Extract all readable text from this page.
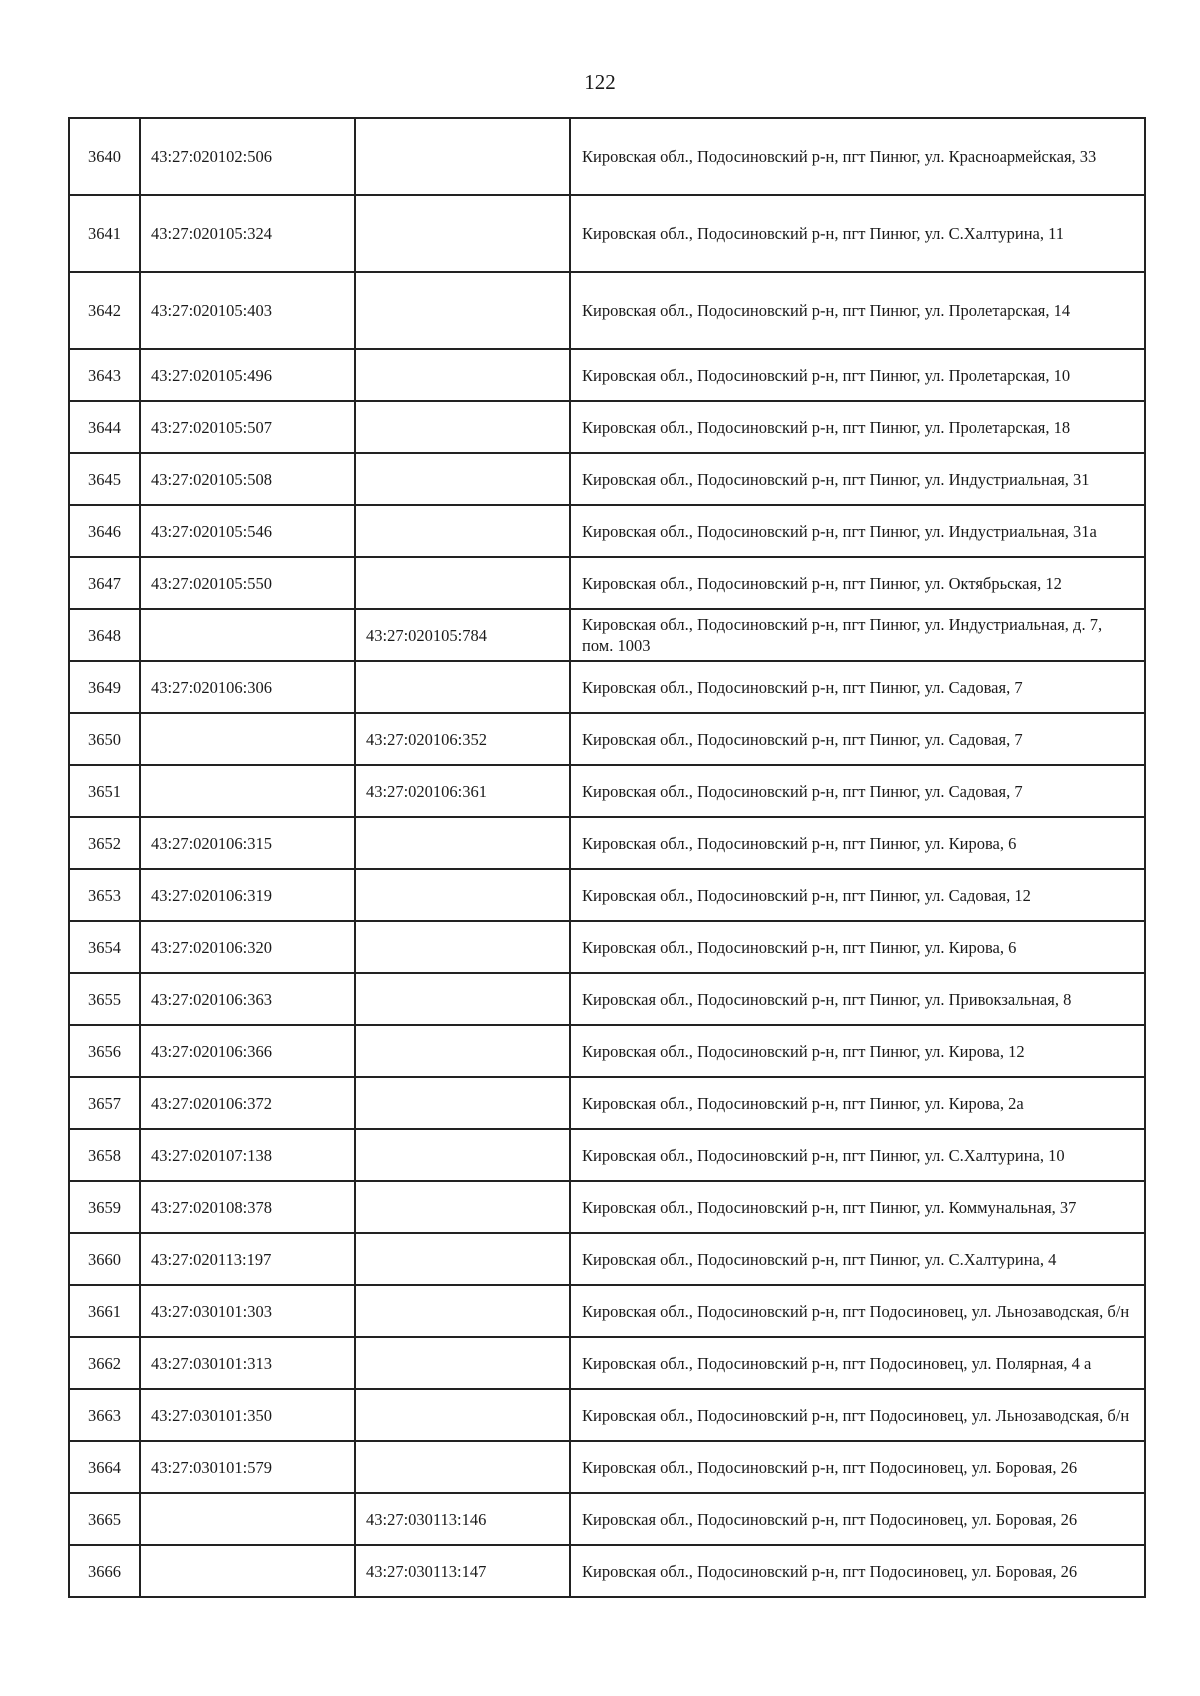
122
3640	43:27:020102:506		Кировская обл., Подосиновский р-н, пгт Пинюг, ул. Красноармейская, 33
3641	43:27:020105:324		Кировская обл., Подосиновский р-н, пгт Пинюг, ул. С.Халтурина, 11
3642	43:27:020105:403		Кировская обл., Подосиновский р-н, пгт Пинюг, ул. Пролетарская, 14
3643	43:27:020105:496		Кировская обл., Подосиновский р-н, пгт Пинюг, ул. Пролетарская, 10
3644	43:27:020105:507		Кировская обл., Подосиновский р-н, пгт Пинюг, ул. Пролетарская, 18
3645	43:27:020105:508		Кировская обл., Подосиновский р-н, пгт Пинюг, ул. Индустриальная, 31
3646	43:27:020105:546		Кировская обл., Подосиновский р-н, пгт Пинюг, ул. Индустриальная, 31а
3647	43:27:020105:550		Кировская обл., Подосиновский р-н, пгт Пинюг, ул. Октябрьская, 12
3648		43:27:020105:784	Кировская обл., Подосиновский р-н, пгт Пинюг, ул. Индустриальная, д. 7, пом. 1003
3649	43:27:020106:306		Кировская обл., Подосиновский р-н, пгт Пинюг, ул. Садовая, 7
3650		43:27:020106:352	Кировская обл., Подосиновский р-н, пгт Пинюг, ул. Садовая, 7
3651		43:27:020106:361	Кировская обл., Подосиновский р-н, пгт Пинюг, ул. Садовая, 7
3652	43:27:020106:315		Кировская обл., Подосиновский р-н, пгт Пинюг, ул. Кирова, 6
3653	43:27:020106:319		Кировская обл., Подосиновский р-н, пгт Пинюг, ул. Садовая, 12
3654	43:27:020106:320		Кировская обл., Подосиновский р-н, пгт Пинюг, ул. Кирова, 6
3655	43:27:020106:363		Кировская обл., Подосиновский р-н, пгт Пинюг, ул. Привокзальная, 8
3656	43:27:020106:366		Кировская обл., Подосиновский р-н, пгт Пинюг, ул. Кирова, 12
3657	43:27:020106:372		Кировская обл., Подосиновский р-н, пгт Пинюг, ул. Кирова, 2а
3658	43:27:020107:138		Кировская обл., Подосиновский р-н, пгт Пинюг, ул. С.Халтурина, 10
3659	43:27:020108:378		Кировская обл., Подосиновский р-н, пгт Пинюг, ул. Коммунальная, 37
3660	43:27:020113:197		Кировская обл., Подосиновский р-н, пгт Пинюг, ул. С.Халтурина, 4
3661	43:27:030101:303		Кировская обл., Подосиновский р-н, пгт Подосиновец, ул. Льнозаводская, б/н
3662	43:27:030101:313		Кировская обл., Подосиновский р-н, пгт Подосиновец, ул. Полярная, 4 а
3663	43:27:030101:350		Кировская обл., Подосиновский р-н, пгт Подосиновец, ул. Льнозаводская, б/н
3664	43:27:030101:579		Кировская обл., Подосиновский р-н, пгт Подосиновец, ул. Боровая, 26
3665		43:27:030113:146	Кировская обл., Подосиновский р-н, пгт Подосиновец, ул. Боровая, 26
3666		43:27:030113:147	Кировская обл., Подосиновский р-н, пгт Подосиновец, ул. Боровая, 26
